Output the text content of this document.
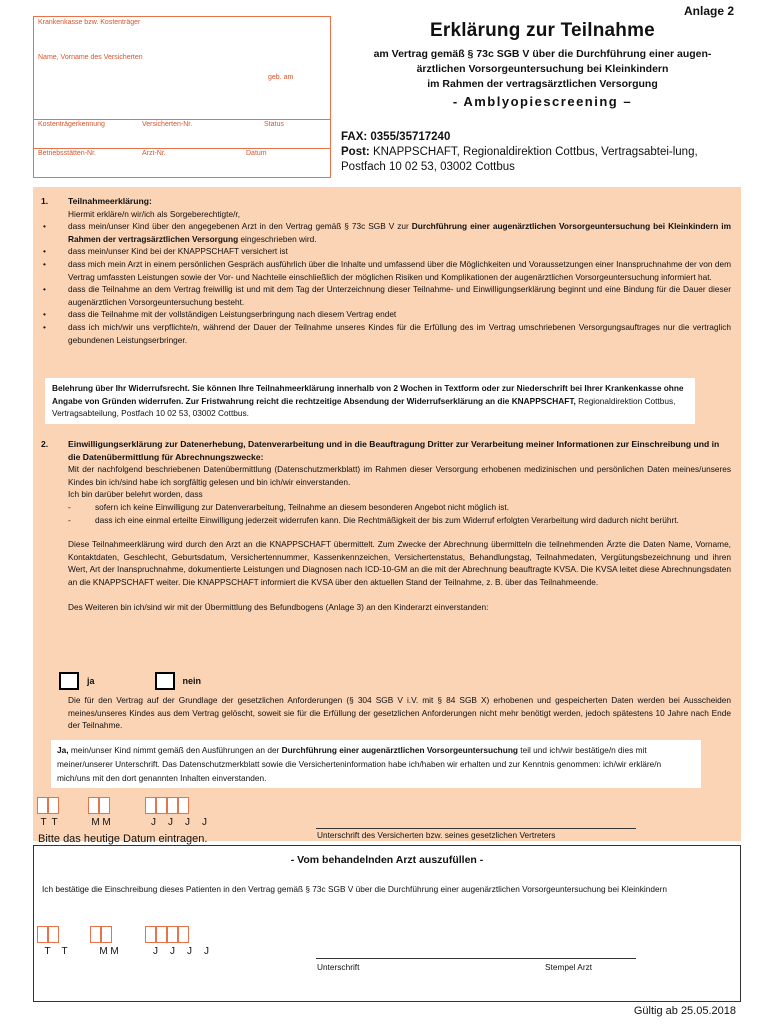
Anlage 2
Krankenkasse bzw. Kostenträger
Name, Vorname des Versicherten
geb. am
Kostenträgerkennung	Versicherten-Nr.	Status
Betriebsstätten-Nr.	Arzt-Nr.	Datum
Erklärung zur Teilnahme
am Vertrag gemäß § 73c SGB V über die Durchführung einer augen-
ärztlichen Vorsorgeuntersuchung bei Kleinkindern
im Rahmen der vertragsärztlichen Versorgung
- Amblyopiescreening –
FAX: 0355/35717240
Post: KNAPPSCHAFT, Regionaldirektion Cottbus, Vertragsabtei-lung, Postfach 10 02 53, 03002 Cottbus
1.	Teilnahmeerklärung:
Hiermit erkläre/n wir/ich als Sorgeberechtigte/r,
•	dass mein/unser Kind über den angegebenen Arzt in den Vertrag gemäß § 73c SGB V zur Durchführung einer augenärztlichen Vorsorgeuntersuchung bei Kleinkindern im Rahmen der vertragsärztlichen Versorgung eingeschrieben wird.
•	dass mein/unser Kind bei der KNAPPSCHAFT versichert ist
•	dass mich mein Arzt in einem persönlichen Gespräch ausführlich über die Inhalte und umfassend über die Möglichkeiten und Voraussetzungen einer Inanspruchnahme der von dem Vertrag umfassten Leistungen sowie der Vor- und Nachteile einschließlich der möglichen Risiken und Komplikationen der augenärztlichen Vorsorgeuntersuchung informiert hat.
•	dass die Teilnahme an dem Vertrag freiwillig ist und mit dem Tag der Unterzeichnung dieser Teilnahme- und Einwilligungserklärung beginnt und eine Bindung für die Dauer dieser augenärztlichen Vorsorgeuntersuchung besteht.
•	dass die Teilnahme mit der vollständigen Leistungserbringung nach diesem Vertrag endet
•	dass ich mich/wir uns verpflichte/n, während der Dauer der Teilnahme unseres Kindes für die Erfüllung des im Vertrag umschriebenen Versorgungsauftrages nur die vertraglich gebundenen Leistungserbringer.
Belehrung über Ihr Widerrufsrecht. Sie können Ihre Teilnahmeerklärung innerhalb von 2 Wochen in Textform oder zur Niederschrift bei Ihrer Krankenkasse ohne Angabe von Gründen widerrufen. Zur Fristwahrung reicht die rechtzeitige Absendung der Widerrufserklärung an die KNAPPSCHAFT, Regionaldirektion Cottbus, Vertragsabteilung, Postfach 10 02 53, 03002 Cottbus.
2.	Einwilligungserklärung zur Datenerhebung, Datenverarbeitung und in die Beauftragung Dritter zur Verarbeitung meiner Informationen zur Einschreibung und in die Datenübermittlung für Abrechnungszwecke:
Mit der nachfolgend beschriebenen Datenübermittlung (Datenschutzmerkblatt) im Rahmen dieser Versorgung erhobenen medizinischen und persönlichen Daten meines/unseres Kindes bin ich/sind habe ich sorgfältig gelesen und bin ich/wir einverstanden.
Ich bin darüber belehrt worden, dass
-	sofern ich keine Einwilligung zur Datenverarbeitung, Teilnahme an diesem besonderen Angebot nicht möglich ist.
-	dass ich eine einmal erteilte Einwilligung jederzeit widerrufen kann. Die Rechtmäßigkeit der bis zum Widerruf erfolgten Verarbeitung wird dadurch nicht berührt.
Diese Teilnahmeerklärung wird durch den Arzt an die KNAPPSCHAFT übermittelt. Zum Zwecke der Abrechnung übermitteln die teilnehmenden Ärzte die Daten Name, Vorname, Kontaktdaten, Geschlecht, Geburtsdatum, Versichertennummer, Kassenkennzeichen, Versichertenstatus, Behandlungstag, Teilnahmedaten, Vergütungsbezeichnung und ihren Wert, Art der Inanspruchnahme, dokumentierte Leistungen und Diagnosen nach ICD-10-GM an die mit der Abrechnung beauftragte KVSA. Die KVSA leitet diese Abrechnungsdaten an die KNAPPSCHAFT weiter. Die KNAPPSCHAFT informiert die KVSA über den aktuellen Stand der Teilnahme, z. B. über das Teilnahmeende.
Des Weiteren bin ich/sind wir mit der Übermittlung des Befundbogens (Anlage 3) an den Kinderarzt einverstanden:
ja	nein
Die für den Vertrag auf der Grundlage der gesetzlichen Anforderungen (§ 304 SGB V i.V. mit § 84 SGB X) erhobenen und gespeicherten Daten werden bei Ausscheiden meines/unseres Kindes aus dem Vertrag gelöscht, soweit sie für die Erfüllung der gesetzlichen Anforderungen nicht mehr benötigt werden, jedoch spätestens 10 Jahre nach Ende der Teilnahme.
Ja, mein/unser Kind nimmt gemäß den Ausführungen an der Durchführung einer augenärztlichen Vorsorgeuntersuchung teil und ich/wir bestätige/n dies mit meiner/unserer Unterschrift. Das Datenschutzmerkblatt sowie die Versicherteninformation habe ich/haben wir erhalten und zur Kenntnis genommen: ich/wir erkläre/n mich/uns mit den dort genannten Inhalten einverstanden.
T T	M M	J	J	J	J
Bitte das heutige Datum eintragen.	Unterschrift des Versicherten bzw. seines gesetzlichen Vertreters
- Vom behandelnden Arzt auszufüllen -
Ich bestätige die Einschreibung dieses Patienten in den Vertrag gemäß § 73c SGB V über die Durchführung einer augenärztlichen Vorsorgeuntersuchung bei Kleinkindern
T T	M M	J	J	J	J
Unterschrift	Stempel Arzt
Gültig ab 25.05.2018
